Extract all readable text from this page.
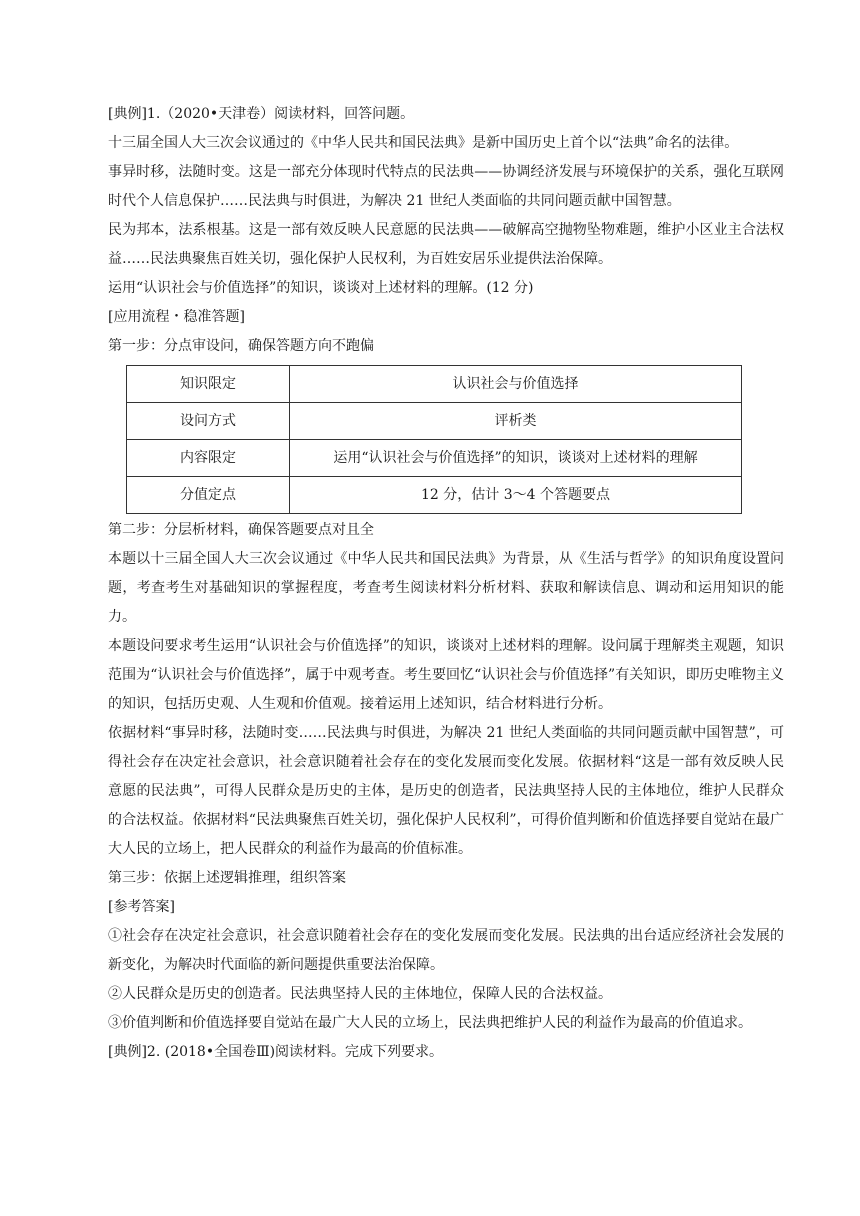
[典例]1.（2020•天津卷）阅读材料，回答问题。

十三届全国人大三次会议通过的《中华人民共和国民法典》是新中国历史上首个以“法典”命名的法律。

事异时移，法随时变。这是一部充分体现时代特点的民法典——协调经济发展与环境保护的关系，强化互联网时代个人信息保护……民法典与时俱进，为解决 21 世纪人类面临的共同问题贡献中国智慧。

民为邦本，法系根基。这是一部有效反映人民意愿的民法典——破解高空抛物坠物难题，维护小区业主合法权益……民法典聚焦百姓关切，强化保护人民权利，为百姓安居乐业提供法治保障。

运用“认识社会与价值选择”的知识，谈谈对上述材料的理解。(12 分)

[应用流程・稳准答题]

第一步：分点审设问，确保答题方向不跑偏

知识限定	认识社会与价值选择
设问方式	评析类
内容限定	运用“认识社会与价值选择”的知识，谈谈对上述材料的理解
分值定点	12 分，估计 3～4 个答题要点

第二步：分层析材料，确保答题要点对且全

本题以十三届全国人大三次会议通过《中华人民共和国民法典》为背景，从《生活与哲学》的知识角度设置问题，考查考生对基础知识的掌握程度，考查考生阅读材料分析材料、获取和解读信息、调动和运用知识的能力。

本题设问要求考生运用“认识社会与价值选择”的知识，谈谈对上述材料的理解。设问属于理解类主观题，知识范围为“认识社会与价值选择”，属于中观考查。考生要回忆“认识社会与价值选择”有关知识，即历史唯物主义的知识，包括历史观、人生观和价值观。接着运用上述知识，结合材料进行分析。

依据材料“事异时移，法随时变……民法典与时俱进，为解决 21 世纪人类面临的共同问题贡献中国智慧”，可得社会存在决定社会意识，社会意识随着社会存在的变化发展而变化发展。依据材料“这是一部有效反映人民意愿的民法典”，可得人民群众是历史的主体，是历史的创造者，民法典坚持人民的主体地位，维护人民群众的合法权益。依据材料“民法典聚焦百姓关切，强化保护人民权利”，可得价值判断和价值选择要自觉站在最广大人民的立场上，把人民群众的利益作为最高的价值标准。

第三步：依据上述逻辑推理，组织答案

[参考答案]

①社会存在决定社会意识，社会意识随着社会存在的变化发展而变化发展。民法典的出台适应经济社会发展的新变化，为解决时代面临的新问题提供重要法治保障。

②人民群众是历史的创造者。民法典坚持人民的主体地位，保障人民的合法权益。

③价值判断和价值选择要自觉站在最广大人民的立场上，民法典把维护人民的利益作为最高的价值追求。

[典例]2. (2018•全国卷Ⅲ)阅读材料。完成下列要求。
